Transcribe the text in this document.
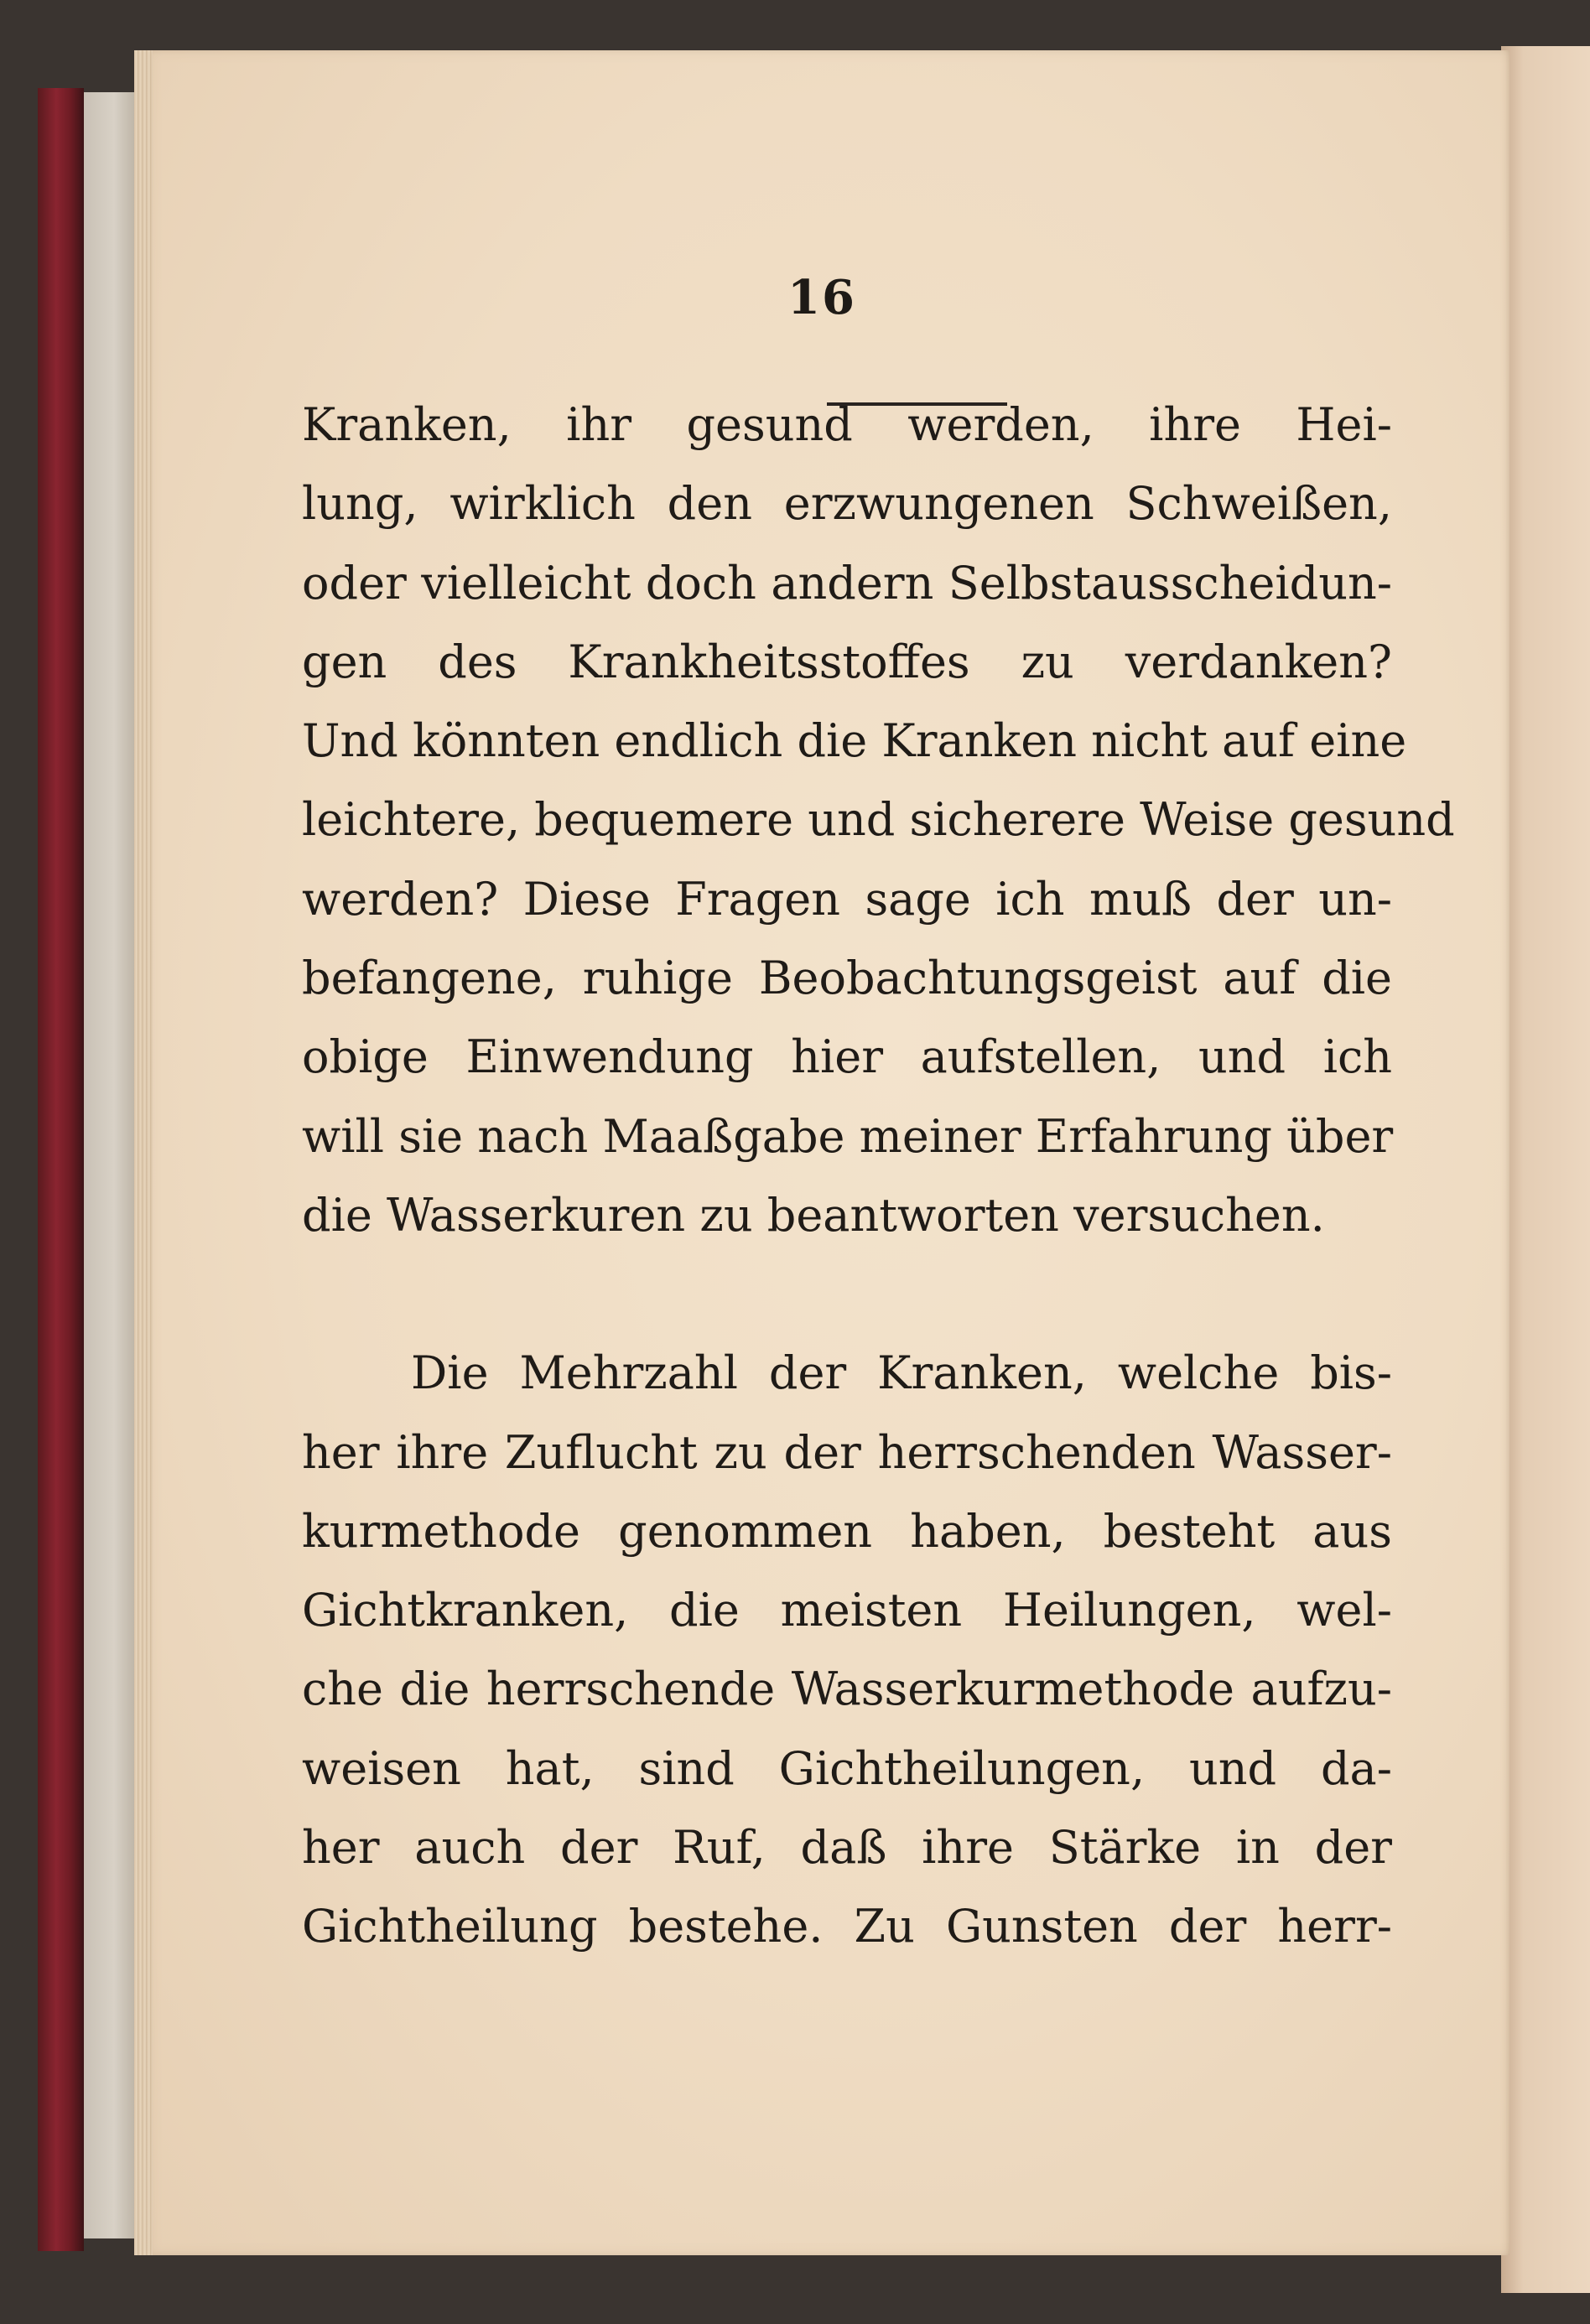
16
Kranken, ihr gesund werden, ihre Hei-
lung, wirklich den erzwungenen Schweißen,
oder vielleicht doch andern Selbstausscheidun-
gen des Krankheitsstoffes zu verdanken?
Und könnten endlich die Kranken nicht auf eine
leichtere, bequemere und sicherere Weise gesund
werden? Diese Fragen sage ich muß der un-
befangene, ruhige Beobachtungsgeist auf die
obige Einwendung hier aufstellen, und ich
will sie nach Maaßgabe meiner Erfahrung über
die Wasserkuren zu beantworten versuchen.
Die Mehrzahl der Kranken, welche bis-
her ihre Zuflucht zu der herrschenden Wasser-
kurmethode genommen haben, besteht aus
Gichtkranken, die meisten Heilungen, wel-
che die herrschende Wasserkurmethode aufzu-
weisen hat, sind Gichtheilungen, und da-
her auch der Ruf, daß ihre Stärke in der
Gichtheilung bestehe. Zu Gunsten der herr-
